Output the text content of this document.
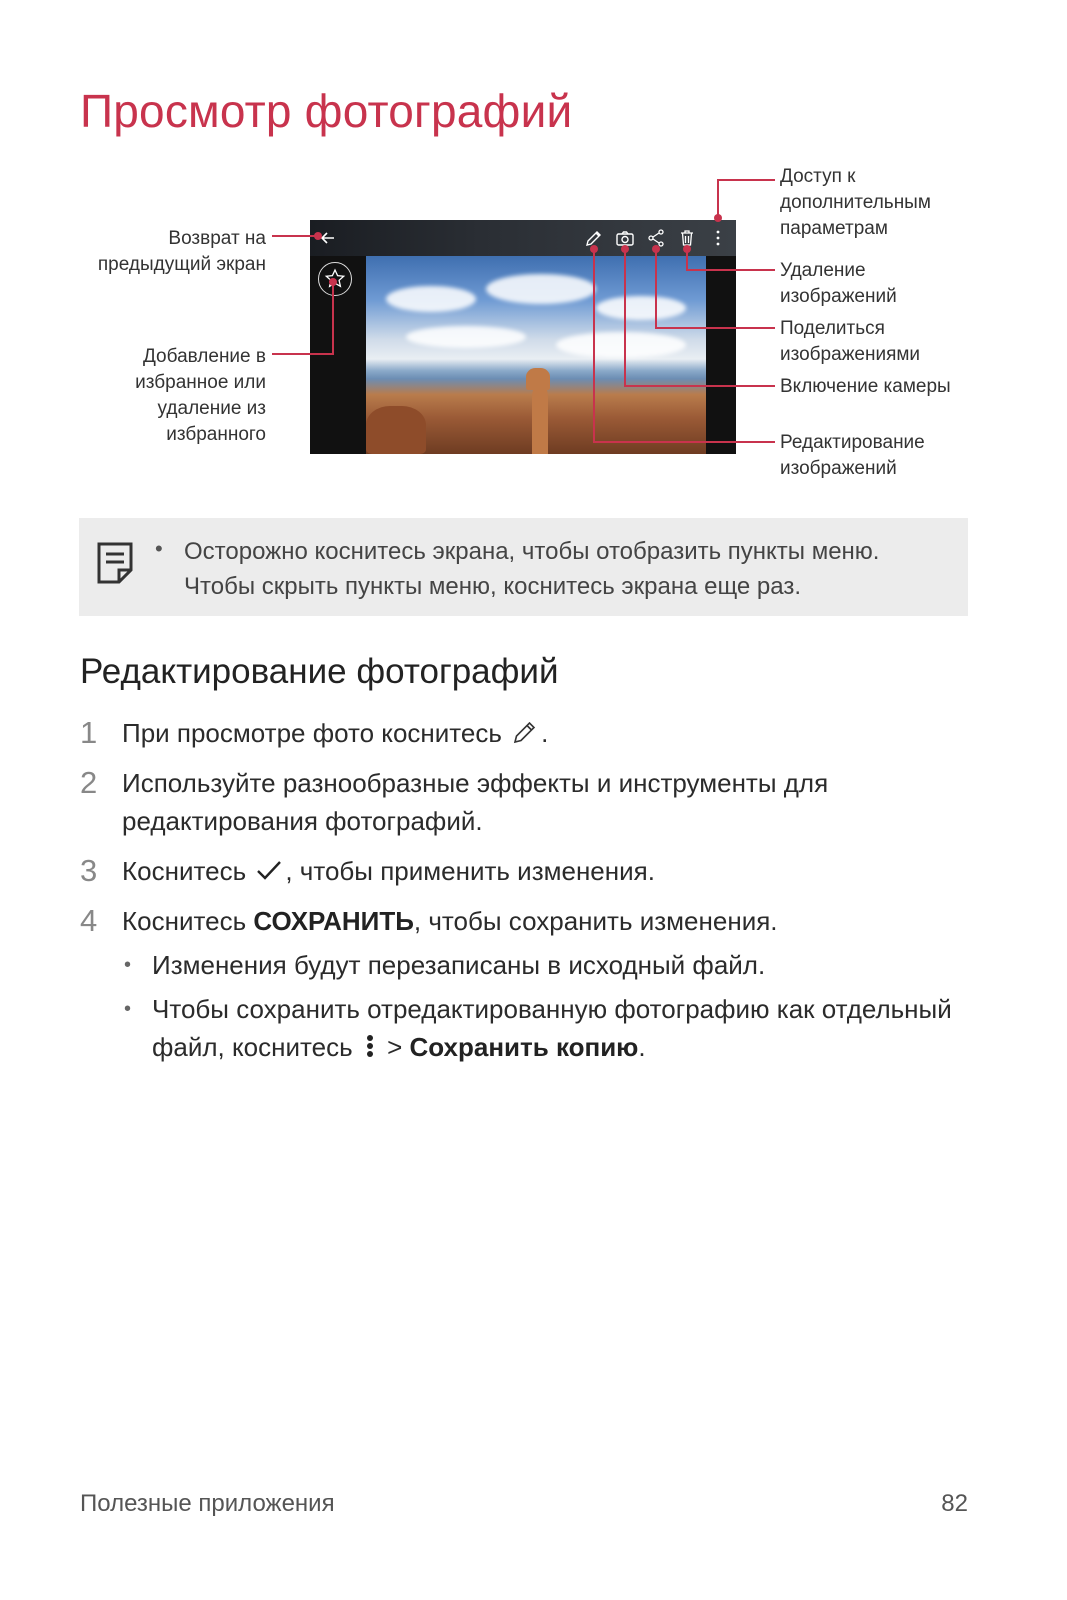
Просмотр фотографий
Возврат на
предыдущий экран
Добавление в
избранное или
удаление из
избранного
Доступ к
дополнительным
параметрам
Удаление
изображений
Поделиться
изображениями
Включение камеры
Редактирование
изображений
• Осторожно коснитесь экрана, чтобы отобразить пункты меню. Чтобы скрыть пункты меню, коснитесь экрана еще раз.
Редактирование фотографий
1 При просмотре фото коснитесь .
2 Используйте разнообразные эффекты и инструменты для редактирования фотографий.
3 Коснитесь , чтобы применить изменения.
4 Коснитесь СОХРАНИТЬ, чтобы сохранить изменения.
• Изменения будут перезаписаны в исходный файл.
• Чтобы сохранить отредактированную фотографию как отдельный файл, коснитесь  > Сохранить копию.
Полезные приложения	82
